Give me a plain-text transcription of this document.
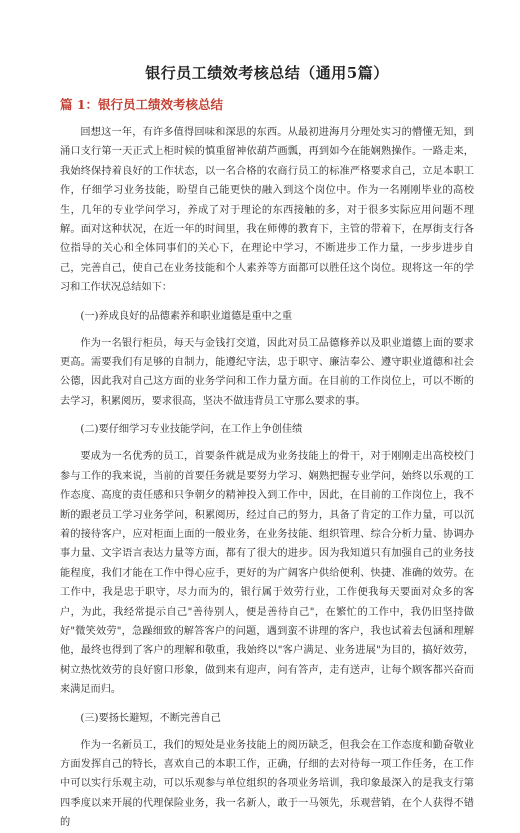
银行员工绩效考核总结（通用5篇）
篇 1：银行员工绩效考核总结

回想这一年，有许多值得回味和深思的东西。从最初进海月分理处实习的懵懂无知，到涌口支行第一天正式上柜时候的慎重留神依葫芦画瓢，再到如今在能娴熟操作。一路走来，我始终保持着良好的工作状态，以一名合格的农商行员工的标准严格要求自己，立足本职工作，仔细学习业务技能，盼望自己能更快的融入到这个岗位中。作为一名刚刚毕业的高校生，几年的专业学问学习，养成了对于理论的东西接触的多，对于很多实际应用问题不理解。面对这种状况，在近一年的时间里，我在师傅的教育下，主管的带着下，在厚街支行各位指导的关心和全体同事们的关心下，在理论中学习，不断进步工作力量，一步步进步自己，完善自己，使自己在业务技能和个人素养等方面都可以胜任这个岗位。现将这一年的学习和工作状况总结如下：

(一)养成良好的品德素养和职业道德是重中之重

作为一名银行柜员，每天与金钱打交道，因此对员工品德修养以及职业道德上面的要求更高。需要我们有足够的自制力，能遵纪守法，忠于职守、廉洁奉公、遵守职业道德和社会公德，因此我对自己这方面的业务学问和工作力量方面。在目前的工作岗位上，可以不断的去学习，积累阅历，要求很高，坚决不做违背员工守那么要求的事。

(二)要仔细学习专业技能学问，在工作上争创佳绩

要成为一名优秀的员工，首要条件就是成为业务技能上的骨干，对于刚刚走出高校校门参与工作的我来说，当前的首要任务就是要努力学习、娴熟把握专业学问，始终以乐观的工作态度、高度的责任感和只争朝夕的精神投入到工作中，因此，在目前的工作岗位上，我不断的跟老员工学习业务学问，积累阅历，经过自己的努力，具备了肯定的工作力量，可以沉着的接待客户，应对柜面上面的一般业务，在业务技能、组织管理、综合分析力量、协调办事力量、文字语言表达力量等方面，都有了很大的进步。因为我知道只有加强自己的业务技能程度，我们才能在工作中得心应手，更好的为广阔客户供给便利、快捷、准确的效劳。在工作中，我是忠于职守，尽力而为的，银行属于效劳行业，工作便我每天要面对众多的客户，为此，我经常提示自己"善待别人，便是善待自己"，在繁忙的工作中，我仍旧坚持做好"微笑效劳"，急躁细致的解答客户的问题，遇到蛮不讲理的客户，我也试着去包涵和理解他，最终也得到了客户的理解和敬重，我始终以"客户满足、业务进展"为目的，搞好效劳，树立热忱效劳的良好窗口形象，做到来有迎声，问有答声，走有送声，让每个顾客都兴奋而来满足而归。

(三)要扬长避短，不断完善自己

作为一名新员工，我们的短处是业务技能上的阅历缺乏，但我会在工作态度和勤奋敬业方面发挥自己的特长，喜欢自己的本职工作，正确，仔细的去对待每一项工作任务，在工作中可以实行乐观主动，可以乐观参与单位组织的各项业务培训，我印象最深入的是我支行第四季度以来开展的代理保险业务，我一名新人，敢于一马领先，乐观营销，在个人获得不错的
